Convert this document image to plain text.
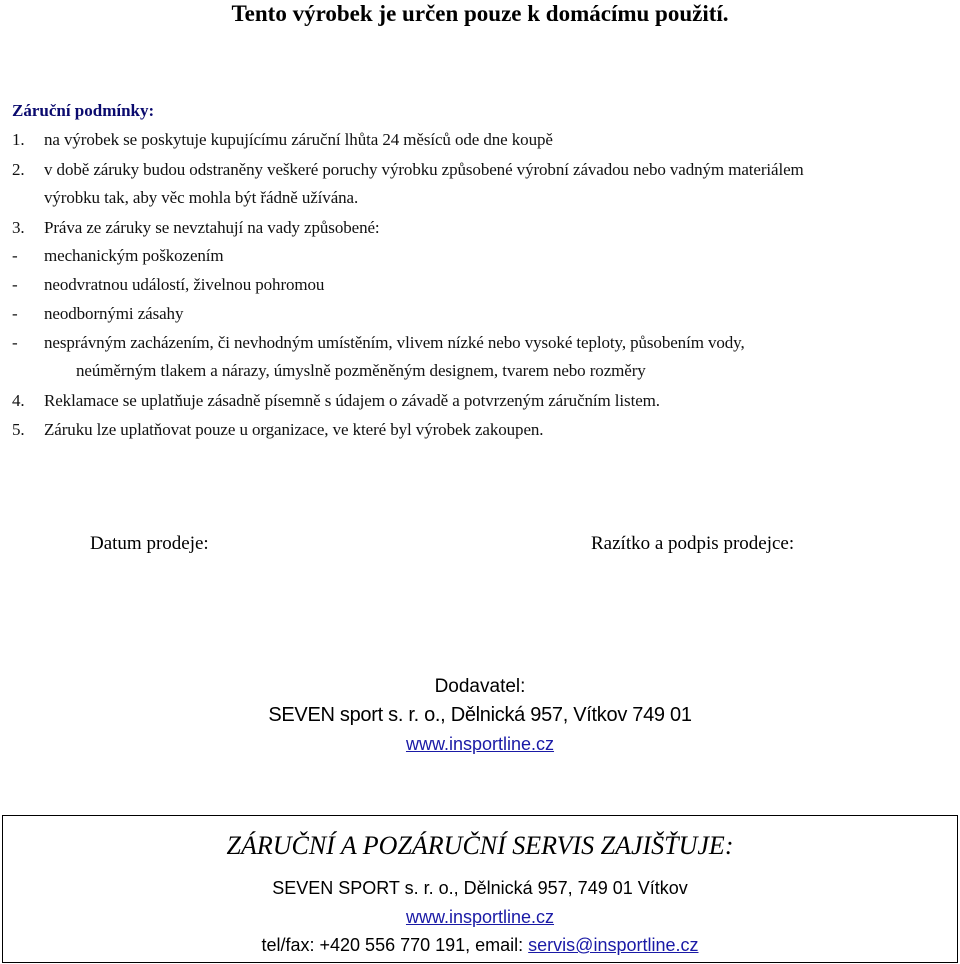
Tento výrobek je určen pouze k domácímu použití.
Záruční podmínky:
1. na výrobek se poskytuje kupujícímu záruční lhůta 24 měsíců ode dne koupě
2. v době záruky budou odstraněny veškeré poruchy výrobku způsobené výrobní závadou nebo vadným materiálem
výrobku tak, aby věc mohla být řádně užívána.
3. Práva ze záruky se nevztahují na vady způsobené:
- mechanickým poškozením
- neodvratnou událostí, živelnou pohromou
- neodbornými zásahy
- nesprávným zacházením, či nevhodným umístěním, vlivem nízké nebo vysoké teploty, působením vody,
neúměrným tlakem a nárazy, úmyslně pozměněným designem, tvarem nebo rozměry
4. Reklamace se uplatňuje zásadně písemně s údajem o závadě a potvrzeným záručním listem.
5. Záruku lze uplatňovat pouze u organizace, ve které byl výrobek zakoupen.
Datum prodeje:	Razítko a podpis prodejce:
Dodavatel:
SEVEN sport s. r. o., Dělnická 957, Vítkov 749 01
www.insportline.cz
ZÁRUČNÍ A POZÁRUČNÍ SERVIS ZAJIŠŤUJE:
SEVEN SPORT s. r. o., Dělnická 957, 749 01 Vítkov
www.insportline.cz
tel/fax: +420 556 770 191, email: servis@insportline.cz
